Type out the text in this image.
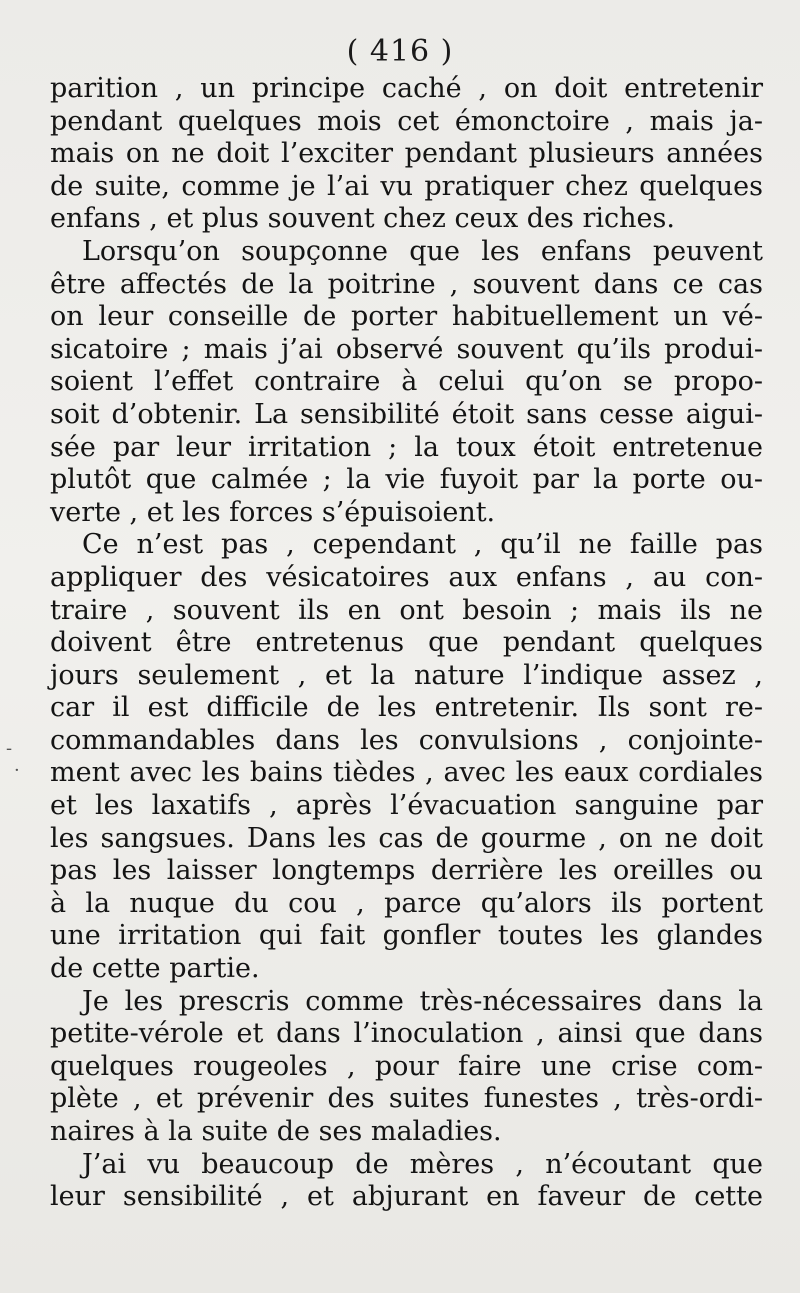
( 416 )
parition , un principe caché , on doit entretenir
pendant quelques mois cet émonctoire , mais ja-
mais on ne doit l’exciter pendant plusieurs années
de suite, comme je l’ai vu pratiquer chez quelques
enfans , et plus souvent chez ceux des riches.
Lorsqu’on soupçonne que les enfans peuvent
être affectés de la poitrine , souvent dans ce cas
on leur conseille de porter habituellement un vé-
sicatoire ; mais j’ai observé souvent qu’ils produi-
soient l’effet contraire à celui qu’on se propo-
soit d’obtenir. La sensibilité étoit sans cesse aigui-
sée par leur irritation ; la toux étoit entretenue
plutôt que calmée ; la vie fuyoit par la porte ou-
verte , et les forces s’épuisoient.
Ce n’est pas , cependant , qu’il ne faille pas
appliquer des vésicatoires aux enfans , au con-
traire , souvent ils en ont besoin ; mais ils ne
doivent être entretenus que pendant quelques
jours seulement , et la nature l’indique assez ,
car il est difficile de les entretenir. Ils sont re-
commandables dans les convulsions , conjointe-
ment avec les bains tièdes , avec les eaux cordiales
et les laxatifs , après l’évacuation sanguine par
les sangsues. Dans les cas de gourme , on ne doit
pas les laisser longtemps derrière les oreilles ou
à la nuque du cou , parce qu’alors ils portent
une irritation qui fait gonfler toutes les glandes
de cette partie.
Je les prescris comme très-nécessaires dans la
petite-vérole et dans l’inoculation , ainsi que dans
quelques rougeoles , pour faire une crise com-
plète , et prévenir des suites funestes , très-ordi-
naires à la suite de ses maladies.
J’ai vu beaucoup de mères , n’écoutant que
leur sensibilité , et abjurant en faveur de cette
-
·
